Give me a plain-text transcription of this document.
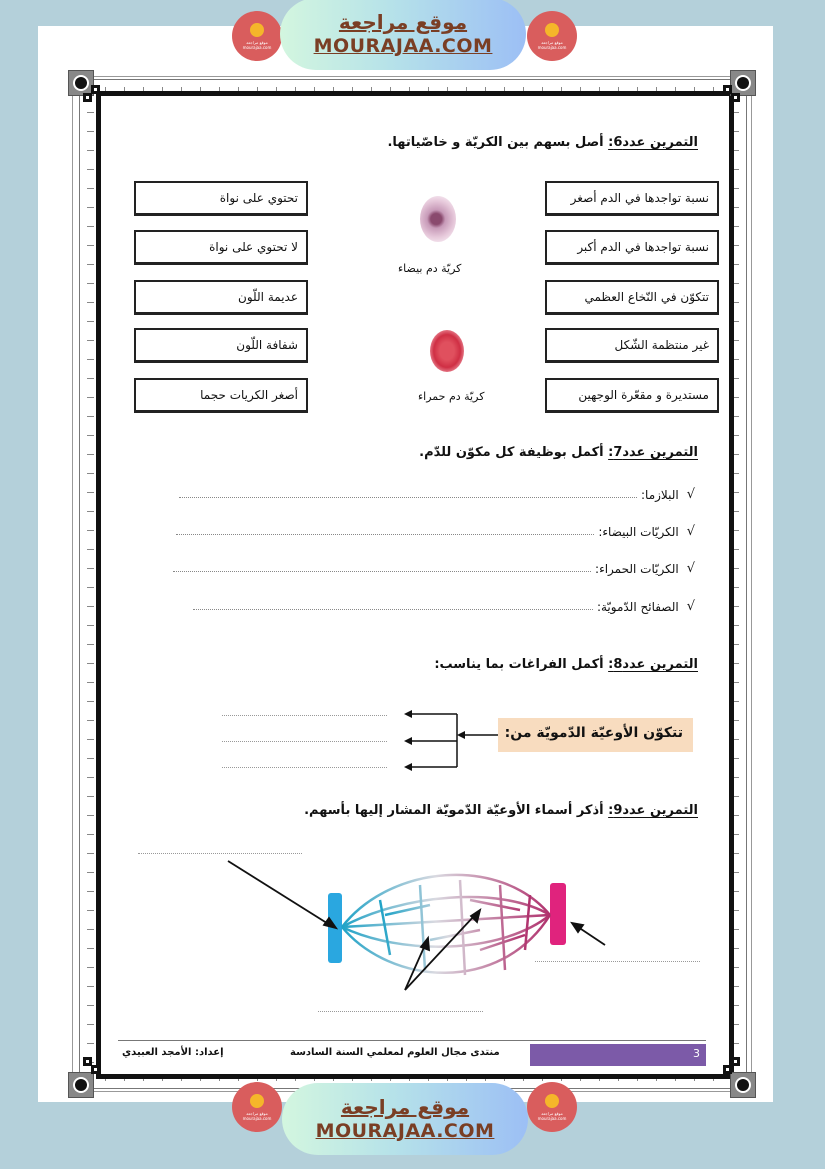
موقع مراجعة
mourajaa.com
موقع مراجعة
MOURAJAA.COM	موقع مراجعة
mourajaa.com
التمرين عدد6: أصل بسهم بين الكريّة و خاصّياتها.
نسبة تواجدها في الدم أصغر
نسبة تواجدها في الدم أكبر
تتكوّن في النّخاع العظمي
غير منتظمة الشّكل
مستديرة و مقعّرة الوجهين
تحتوي على نواة
لا تحتوي على نواة
عديمة اللّون
شفافة اللّون
أصغر الكريات حجما
كريّة دم بيضاء
كريّة دم حمراء
التمرين عدد7: أكمل بوظيفة كل مكوّن للدّم.
√
البلازما:
√
الكريّات البيضاء:
√
الكريّات الحمراء:
√
الصفائح الدّمويّة:
التمرين عدد8: أكمل الفراغات بما يناسب:
تتكوّن الأوعيّة الدّمويّة من:
التمرين عدد9: أذكر أسماء الأوعيّة الدّمويّة المشار إليها بأسهم.
3
منتدى مجال العلوم لمعلمي السنة السادسة
إعداد: الأمجد العبيدي
موقع مراجعة
mourajaa.com	موقع مراجعة
MOURAJAA.COM
موقع مراجعة
mourajaa.com
